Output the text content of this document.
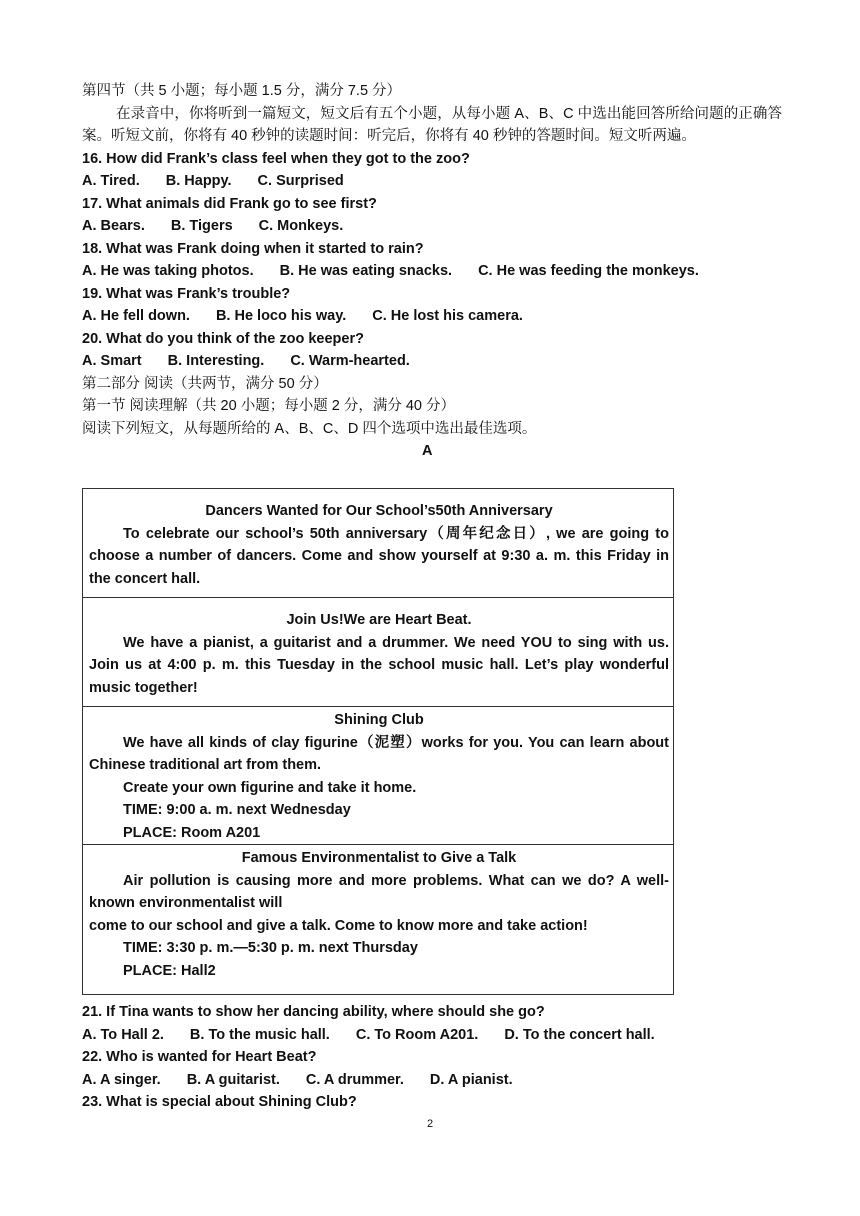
第四节（共 5 小题；每小题 1.5 分，满分 7.5 分）
在录音中，你将听到一篇短文，短文后有五个小题，从每小题 A、B、C 中选出能回答所给问题的正确答案。听短文前，你将有 40 秒钟的读题时间：听完后，你将有 40 秒钟的答题时间。短文听两遍。
16. How did Frank’s class feel when they got to the zoo?
A. Tired. B. Happy. C. Surprised
17. What animals did Frank go to see first?
A. Bears. B. Tigers C. Monkeys.
18. What was Frank doing when it started to rain?
A. He was taking photos. B. He was eating snacks. C. He was feeding the monkeys.
19. What was Frank’s trouble?
A. He fell down. B. He loco his way. C. He lost his camera.
20. What do you think of the zoo keeper?
A. Smart B. Interesting. C. Warm-hearted.
第二部分 阅读（共两节，满分 50 分）
第一节 阅读理解（共 20 小题；每小题 2 分，满分 40 分）
阅读下列短文，从每题所给的 A、B、C、D 四个选项中选出最佳选项。
A
Dancers Wanted for Our School’s50th Anniversary
To celebrate our school’s 50th anniversary（周年纪念日）, we are going to choose a number of dancers. Come and show yourself at 9:30 a. m. this Friday in the concert hall.
Join Us!We are Heart Beat.
We have a pianist, a guitarist and a drummer. We need YOU to sing with us. Join us at 4:00 p. m. this Tuesday in the school music hall. Let’s play wonderful music together!
Shining Club
We have all kinds of clay figurine（泥塑）works for you. You can learn about Chinese traditional art from them.
Create your own figurine and take it home.
TIME: 9:00 a. m. next Wednesday
PLACE: Room A201
Famous Environmentalist to Give a Talk
Air pollution is causing more and more problems. What can we do? A well-known environmentalist will
come to our school and give a talk. Come to know more and take action!
TIME: 3:30 p. m.—5:30 p. m. next Thursday
PLACE: Hall2
21. If Tina wants to show her dancing ability, where should she go?
A. To Hall 2. B. To the music hall. C. To Room A201. D. To the concert hall.
22. Who is wanted for Heart Beat?
A. A singer. B. A guitarist. C. A drummer. D. A pianist.
23. What is special about Shining Club?
2
